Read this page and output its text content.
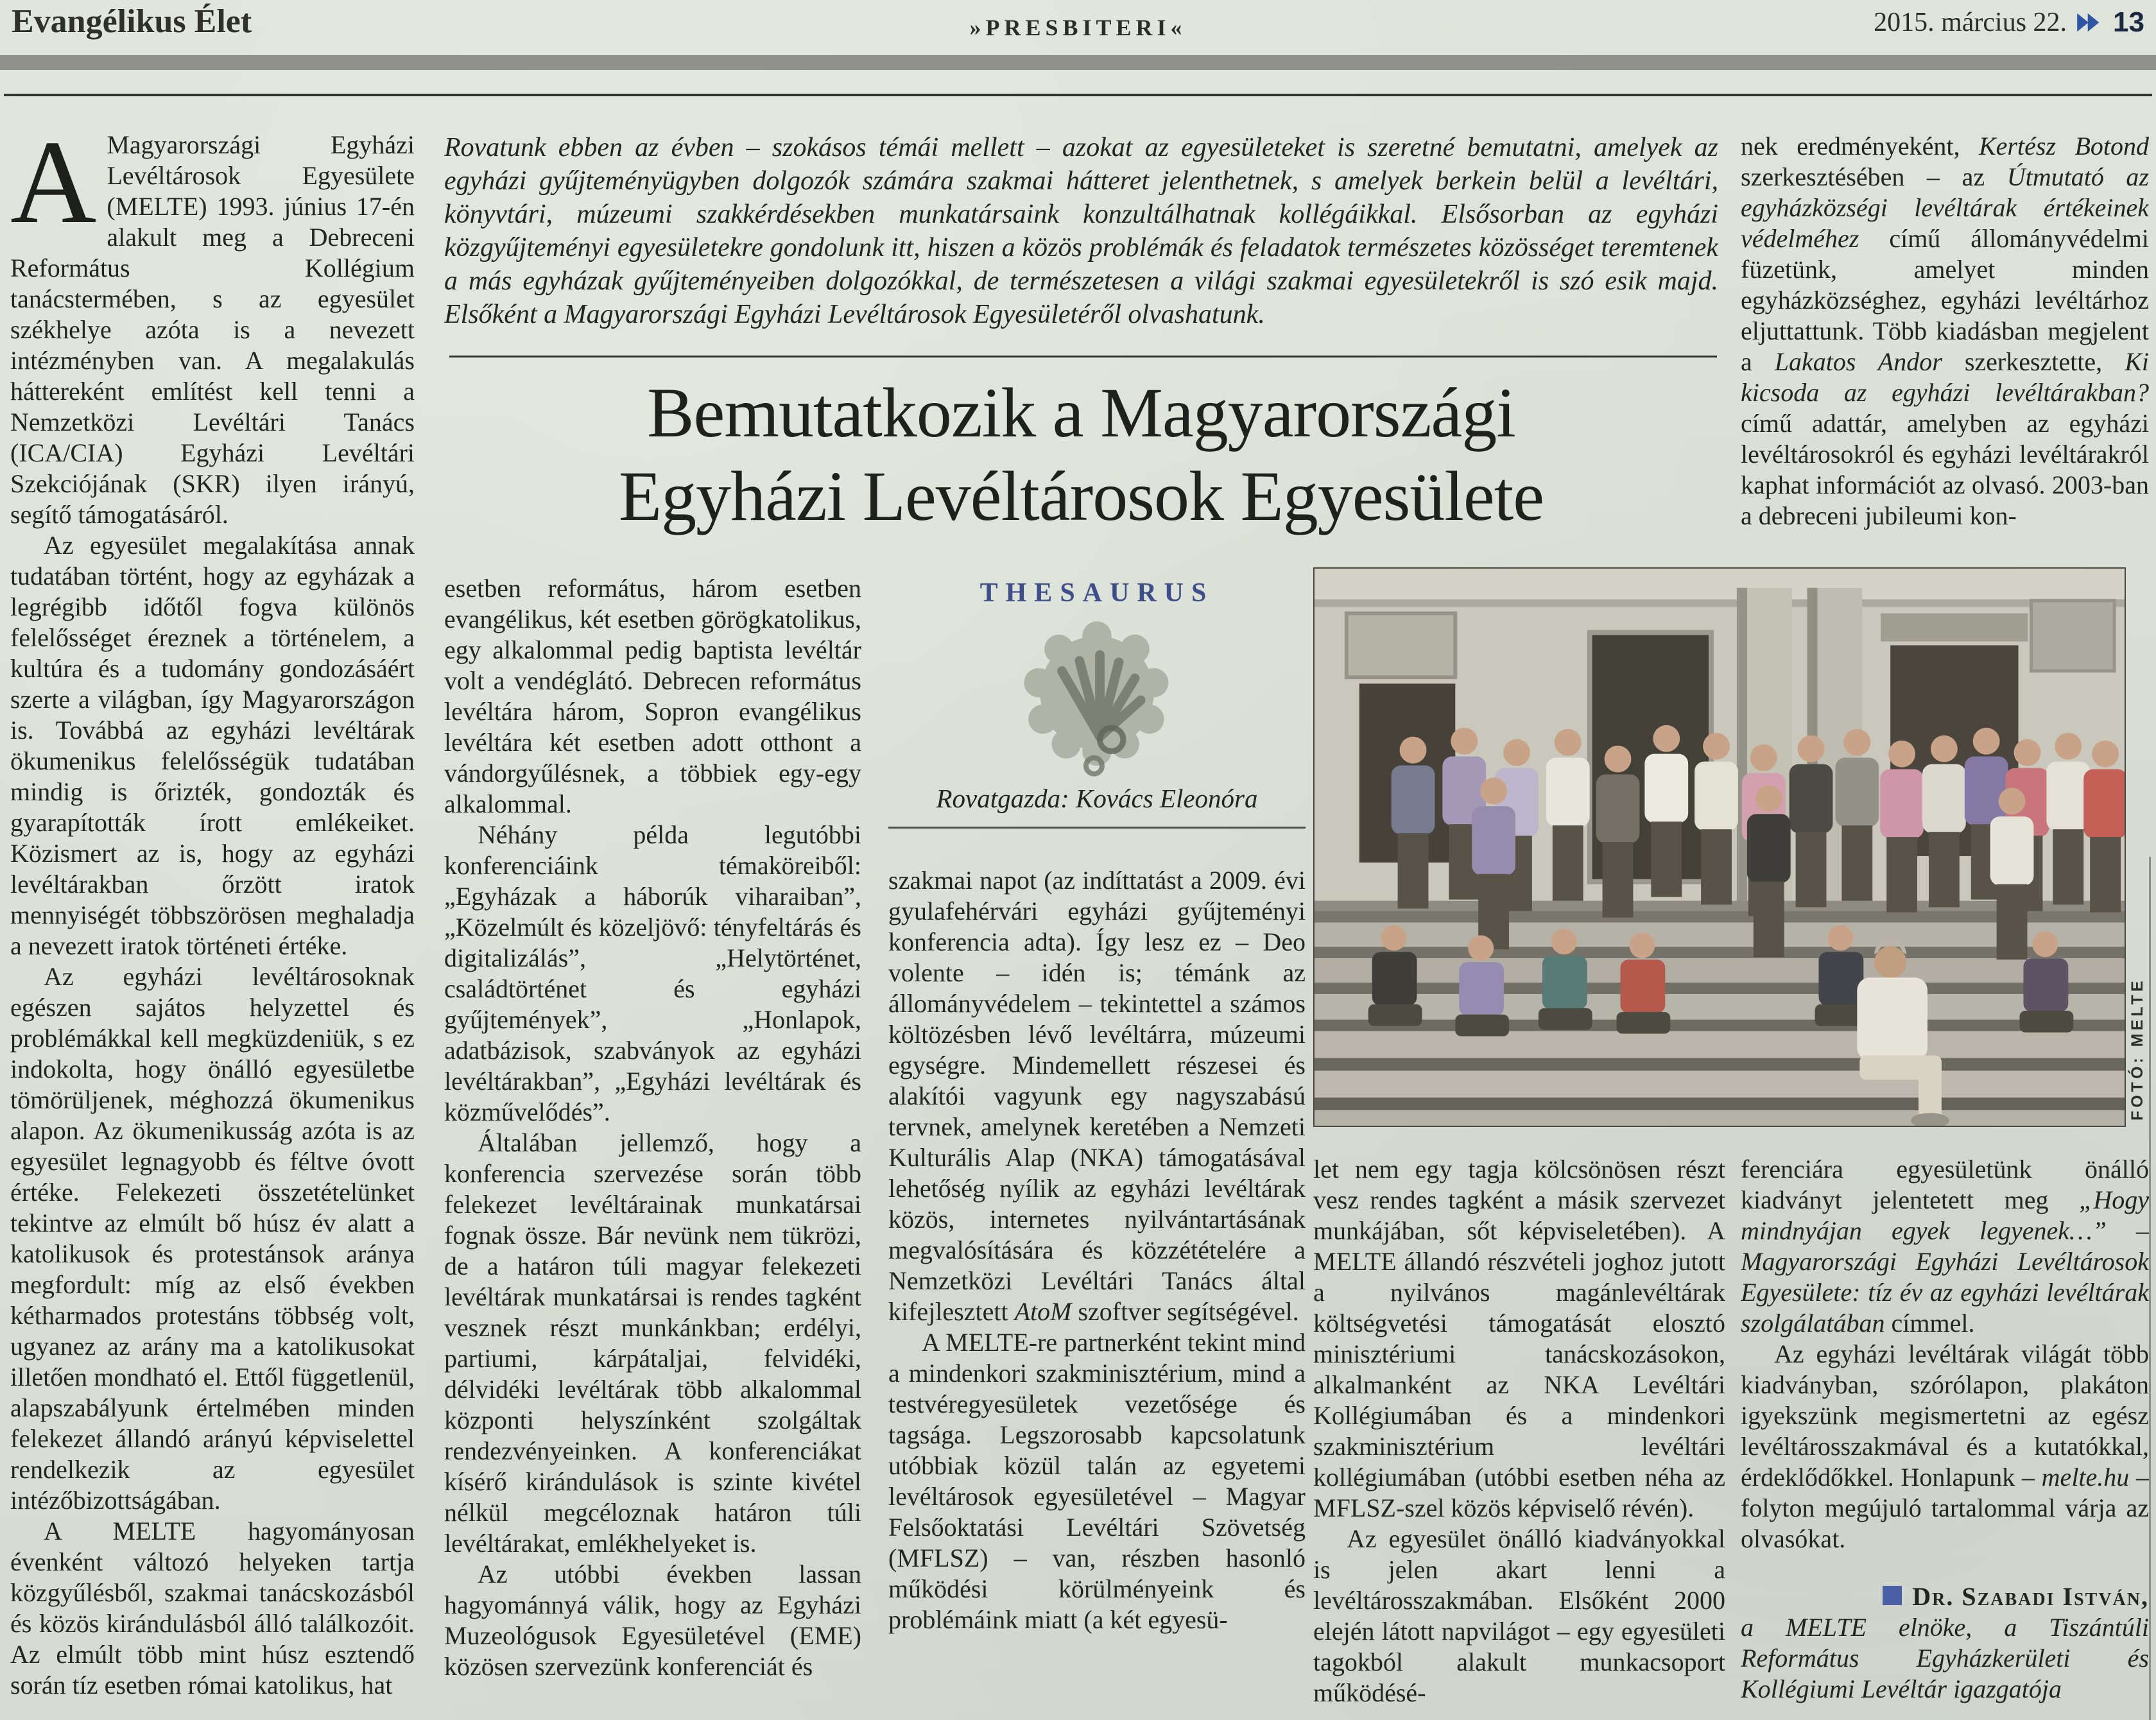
Evangélikus Élet	»PRESBITERI«	2015. március 22. 13

AMagyarországi Egyházi Levéltárosok Egyesülete (MELTE) 1993. június 17-én alakult meg a Debreceni Református Kollégium tanácstermében, s az egyesület székhelye azóta is a nevezett intézményben van. A megalakulás háttereként említést kell tenni a Nemzetközi Levéltári Tanács (ICA/CIA) Egyházi Levéltári Szekciójának (SKR) ilyen irányú, segítő támogatásáról.

Az egyesület megalakítása annak tudatában történt, hogy az egyházak a legrégibb időtől fogva különös felelősséget éreznek a történelem, a kultúra és a tudomány gondozásáért szerte a világban, így Magyarországon is. Továbbá az egyházi levéltárak ökumenikus felelősségük tudatában mindig is őrizték, gondozták és gyarapították írott emlékeiket. Közismert az is, hogy az egyházi levéltárakban őrzött iratok mennyiségét többszörösen meghaladja a nevezett iratok történeti értéke.

Az egyházi levéltárosoknak egészen sajátos helyzettel és problémákkal kell megküzdeniük, s ez indokolta, hogy önálló egyesületbe tömörüljenek, méghozzá ökumenikus alapon. Az ökumenikusság azóta is az egyesület legnagyobb és féltve óvott értéke. Felekezeti összetételünket tekintve az elmúlt bő húsz év alatt a katolikusok és protestánsok aránya megfordult: míg az első években kétharmados protestáns többség volt, ugyanez az arány ma a katolikusokat illetően mondható el. Ettől függetlenül, alapszabályunk értelmében minden felekezet állandó arányú képviselettel rendelkezik az egyesület intézőbizottságában.

A MELTE hagyományosan évenként változó helyeken tartja közgyűlésből, szakmai tanácskozásból és közös kirándulásból álló találkozóit. Az elmúlt több mint húsz esztendő során tíz esetben római katolikus, hat

Rovatunk ebben az évben – szokásos témái mellett – azokat az egyesületeket is szeretné bemutatni, amelyek az egyházi gyűjteményügyben dolgozók számára szakmai hátteret jelenthetnek, s amelyek berkein belül a levéltári, könyvtári, múzeumi szakkérdésekben munkatársaink konzultálhatnak kollégáikkal. Elsősorban az egyházi közgyűjteményi egyesületekre gondolunk itt, hiszen a közös problémák és feladatok természetes közösséget teremtenek a más egyházak gyűjteményeiben dolgozókkal, de természetesen a világi szakmai egyesületekről is szó esik majd. Elsőként a Magyarországi Egyházi Levéltárosok Egyesületéről olvashatunk.

Bemutatkozik a Magyarországi
Egyházi Levéltárosok Egyesülete

esetben református, három esetben evangélikus, két esetben görögkatolikus, egy alkalommal pedig baptista levéltár volt a vendéglátó. Debrecen református levéltára három, Sopron evangélikus levéltára két esetben adott otthont a vándorgyűlésnek, a többiek egy-egy alkalommal.

Néhány példa legutóbbi konferenciáink témaköreiből: „Egyházak a háborúk viharaiban”, „Közelmúlt és közeljövő: tényfeltárás és digitalizálás”, „Helytörténet, családtörténet és egyházi gyűjtemények”, „Honlapok, adatbázisok, szabványok az egyházi levéltárakban”, „Egyházi levéltárak és közművelődés”.

Általában jellemző, hogy a konferencia szervezése során több felekezet levéltárainak munkatársai fognak össze. Bár nevünk nem tükrözi, de a határon túli magyar felekezeti levéltárak munkatársai is rendes tagként vesznek részt munkánkban; erdélyi, partiumi, kárpátaljai, felvidéki, délvidéki levéltárak több alkalommal központi helyszínként szolgáltak rendezvényeinken. A konferenciákat kísérő kirándulások is szinte kivétel nélkül megcéloznak határon túli levéltárakat, emlékhelyeket is.

Az utóbbi években lassan hagyománnyá válik, hogy az Egyházi Muzeológusok Egyesületével (EME) közösen szervezünk konferenciát és

THESAURUS
Rovatgazda: Kovács Eleonóra

szakmai napot (az indíttatást a 2009. évi gyulafehérvári egyházi gyűjteményi konferencia adta). Így lesz ez – Deo volente – idén is; témánk az állományvédelem – tekintettel a számos költözésben lévő levéltárra, múzeumi egységre. Mindemellett részesei és alakítói vagyunk egy nagyszabású tervnek, amelynek keretében a Nemzeti Kulturális Alap (NKA) támogatásával lehetőség nyílik az egyházi levéltárak közös, internetes nyilvántartásának megvalósítására és közzétételére a Nemzetközi Levéltári Tanács által kifejlesztett AtoM szoftver segítségével.

A MELTE-re partnerként tekint mind a mindenkori szakminisztérium, mind a testvéregyesületek vezetősége és tagsága. Legszorosabb kapcsolatunk utóbbiak közül talán az egyetemi levéltárosok egyesületével – Magyar Felsőoktatási Levéltári Szövetség (MFLSZ) – van, részben hasonló működési körülményeink és problémáink miatt (a két egyesü-

nek eredményeként, Kertész Botond szerkesztésében – az Útmutató az egyházközségi levéltárak értékeinek védelméhez című állományvédelmi füzetünk, amelyet minden egyházközséghez, egyházi levéltárhoz eljuttattunk. Több kiadásban megjelent a Lakatos Andor szerkesztette, Ki kicsoda az egyházi levéltárakban? című adattár, amelyben az egyházi levéltárosokról és egyházi levéltárakról kaphat információt az olvasó. 2003-ban a debreceni jubileumi kon-

FOTÓ: MELTE

let nem egy tagja kölcsönösen részt vesz rendes tagként a másik szervezet munkájában, sőt képviseletében). A MELTE állandó részvételi joghoz jutott a nyilvános magánlevéltárak költségvetési támogatását elosztó minisztériumi tanácskozásokon, alkalmanként az NKA Levéltári Kollégiumában és a mindenkori szakminisztérium levéltári kollégiumában (utóbbi esetben néha az MFLSZ-szel közös képviselő révén).

Az egyesület önálló kiadványokkal is jelen akart lenni a levéltárosszakmában. Elsőként 2000 elején látott napvilágot – egy egyesületi tagokból alakult munkacsoport működésé-

ferenciára egyesületünk önálló kiadványt jelentetett meg „Hogy mindnyájan egyek legyenek…” – Magyarországi Egyházi Levéltárosok Egyesülete: tíz év az egyházi levéltárak szolgálatában címmel.

Az egyházi levéltárak világát több kiadványban, szórólapon, plakáton igyekszünk megismertetni az egész levéltárosszakmával és a kutatókkal, érdeklődőkkel. Honlapunk – melte.hu – folyton megújuló tartalommal várja az olvasókat.

Dr. Szabadi István,
a MELTE elnöke, a Tiszántúli Református Egyházkerületi és Kollégiumi Levéltár igazgatója
